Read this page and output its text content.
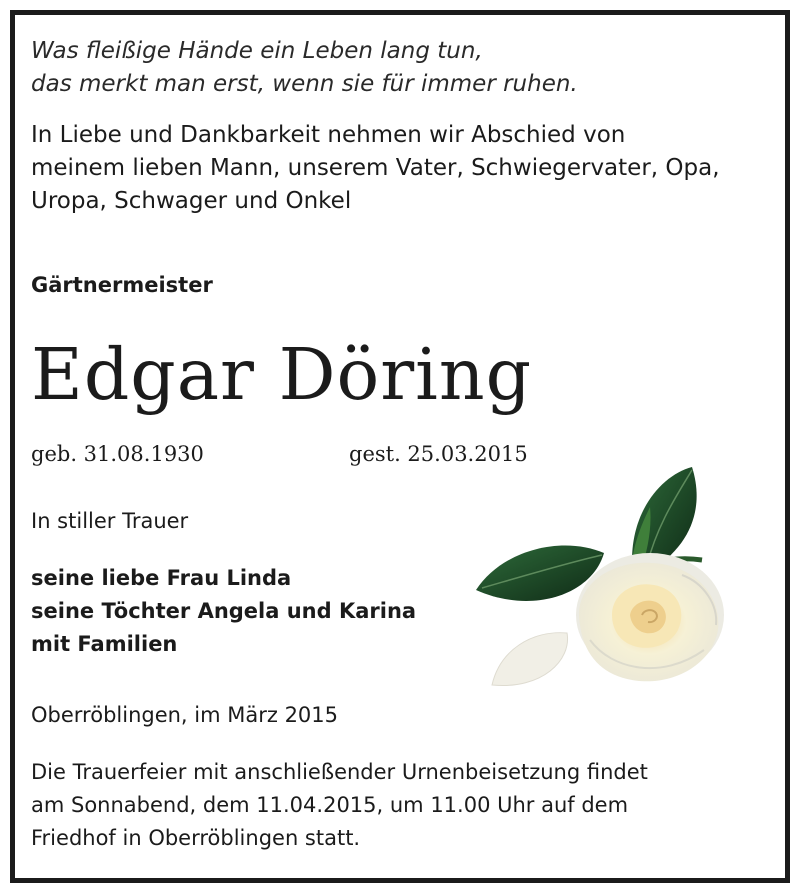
Was fleißige Hände ein Leben lang tun,
das merkt man erst, wenn sie für immer ruhen.

In Liebe und Dankbarkeit nehmen wir Abschied von
meinem lieben Mann, unserem Vater, Schwiegervater, Opa,
Uropa, Schwager und Onkel

Gärtnermeister

Edgar Döring

geb. 31.08.1930	gest. 25.03.2015

In stiller Trauer

seine liebe Frau Linda
seine Töchter Angela und Karina
mit Familien

Oberröblingen, im März 2015

Die Trauerfeier mit anschließender Urnenbeisetzung findet
am Sonnabend, dem 11.04.2015, um 11.00 Uhr auf dem
Friedhof in Oberröblingen statt.
